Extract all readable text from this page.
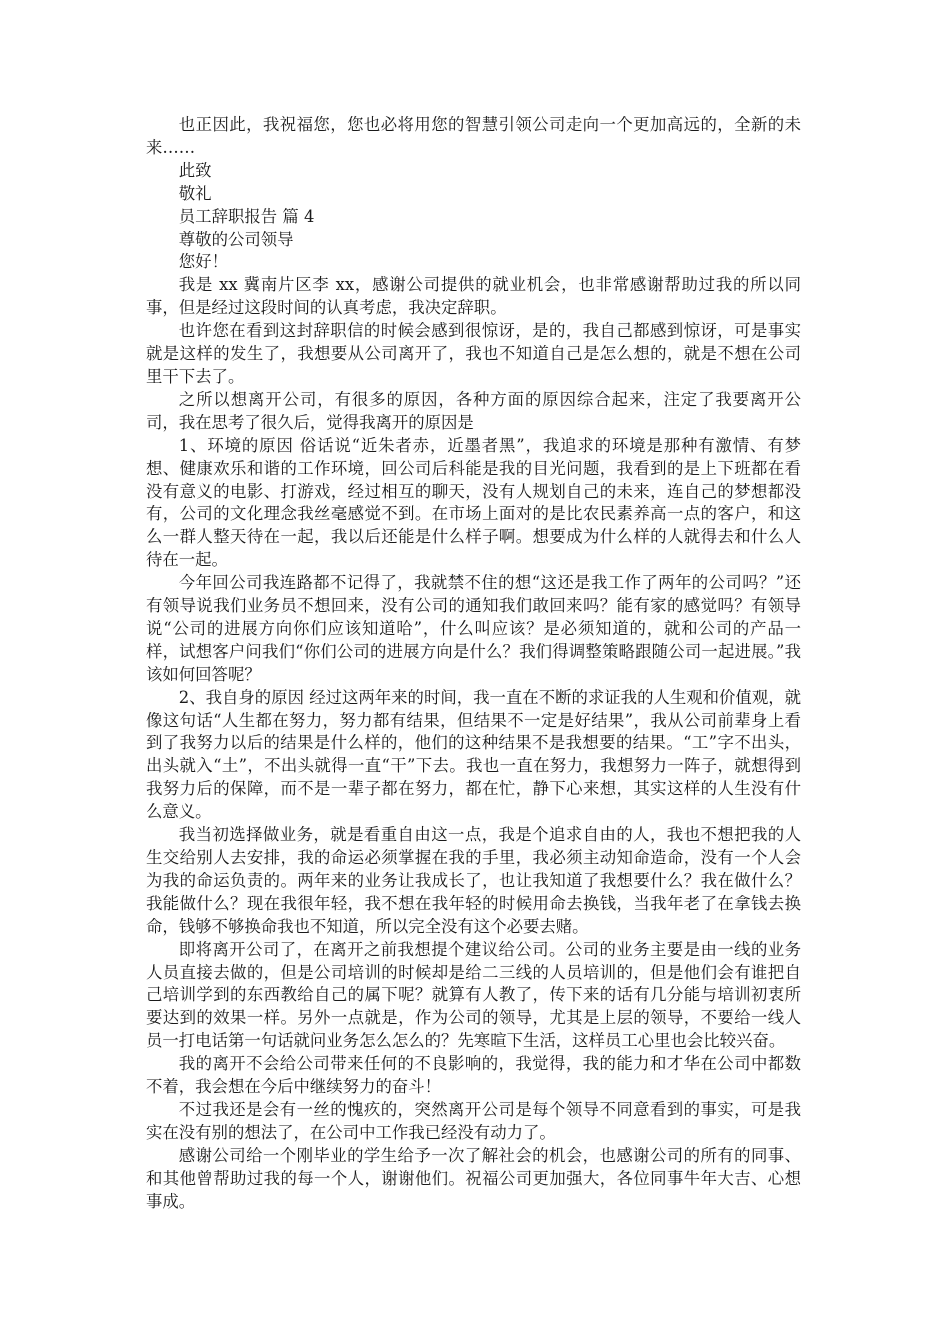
也正因此，我祝福您，您也必将用您的智慧引领公司走向一个更加高远的，全新的未来……

此致

敬礼

员工辞职报告 篇 4

尊敬的公司领导

您好！

我是 xx 冀南片区李 xx，感谢公司提供的就业机会，也非常感谢帮助过我的所以同事，但是经过这段时间的认真考虑，我决定辞职。

也许您在看到这封辞职信的时候会感到很惊讶，是的，我自己都感到惊讶，可是事实就是这样的发生了，我想要从公司离开了，我也不知道自己是怎么想的，就是不想在公司里干下去了。

之所以想离开公司，有很多的原因，各种方面的原因综合起来，注定了我要离开公司，我在思考了很久后，觉得我离开的原因是

1、环境的原因 俗话说“近朱者赤，近墨者黑”，我追求的环境是那种有激情、有梦想、健康欢乐和谐的工作环境，回公司后科能是我的目光问题，我看到的是上下班都在看没有意义的电影、打游戏，经过相互的聊天，没有人规划自己的未来，连自己的梦想都没有，公司的文化理念我丝毫感觉不到。在市场上面对的是比农民素养高一点的客户，和这么一群人整天待在一起，我以后还能是什么样子啊。想要成为什么样的人就得去和什么人待在一起。

今年回公司我连路都不记得了，我就禁不住的想“这还是我工作了两年的公司吗？”还有领导说我们业务员不想回来，没有公司的通知我们敢回来吗？能有家的感觉吗？有领导说“公司的进展方向你们应该知道哈”，什么叫应该？是必须知道的，就和公司的产品一样，试想客户问我们“你们公司的进展方向是什么？我们得调整策略跟随公司一起进展。”我该如何回答呢？

2、我自身的原因 经过这两年来的时间，我一直在不断的求证我的人生观和价值观，就像这句话“人生都在努力，努力都有结果，但结果不一定是好结果”，我从公司前辈身上看到了我努力以后的结果是什么样的，他们的这种结果不是我想要的结果。“工”字不出头，出头就入“土”，不出头就得一直“干”下去。我也一直在努力，我想努力一阵子，就想得到我努力后的保障，而不是一辈子都在努力，都在忙，静下心来想，其实这样的人生没有什么意义。

我当初选择做业务，就是看重自由这一点，我是个追求自由的人，我也不想把我的人生交给别人去安排，我的命运必须掌握在我的手里，我必须主动知命造命，没有一个人会为我的命运负责的。两年来的业务让我成长了，也让我知道了我想要什么？我在做什么？我能做什么？现在我很年轻，我不想在我年轻的时候用命去换钱，当我年老了在拿钱去换命，钱够不够换命我也不知道，所以完全没有这个必要去赌。

即将离开公司了，在离开之前我想提个建议给公司。公司的业务主要是由一线的业务人员直接去做的，但是公司培训的时候却是给二三线的人员培训的，但是他们会有谁把自己培训学到的东西教给自己的属下呢？就算有人教了，传下来的话有几分能与培训初衷所要达到的效果一样。另外一点就是，作为公司的领导，尤其是上层的领导，不要给一线人员一打电话第一句话就问业务怎么怎么的？先寒暄下生活，这样员工心里也会比较兴奋。

我的离开不会给公司带来任何的不良影响的，我觉得，我的能力和才华在公司中都数不着，我会想在今后中继续努力的奋斗！

不过我还是会有一丝的愧疚的，突然离开公司是每个领导不同意看到的事实，可是我实在没有别的想法了，在公司中工作我已经没有动力了。

感谢公司给一个刚毕业的学生给予一次了解社会的机会，也感谢公司的所有的同事、和其他曾帮助过我的每一个人，谢谢他们。祝福公司更加强大，各位同事牛年大吉、心想事成。
